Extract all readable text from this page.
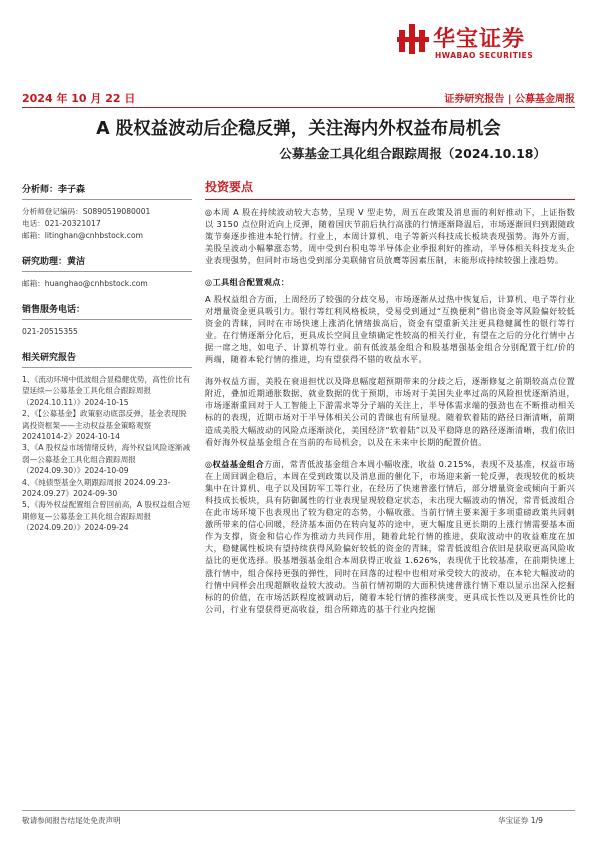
华宝证券
HWABAO SECURITIES
2024 年 10 月 22 日	证券研究报告 | 公募基金周报
A 股权益波动后企稳反弹，关注海内外权益布局机会
公募基金工具化组合跟踪周报（2024.10.18）

分析师：李子森

分析师登记编码：S0890519080001

电话：021-20321017

邮箱：litinghan@cnhbstock.com

研究助理：黄洁

邮箱：huanghao@cnhbstock.com

销售服务电话：

021-20515355

相关研究报告

1、《流动环境中低波组合显稳健优势，高性价比有望延续—公募基金工具化组合跟踪周报（2024.10.11）》2024-10-15
2、《【公募基金】政策驱动底部反弹，基金表现脱离投资框架——主动权益基金策略观察 20241014-2》2024-10-14
3、《A 股权益市场情绪反转，海外权益风险逐渐减弱—公募基金工具化组合跟踪周报（2024.09.30）》2024-10-09
4、《纯债型基金久期跟踪周报 2024.09.23-2024.09.27》2024-09-30
5、《海外权益配置组合曾回前高，A 股权益组合短期修复—公募基金工具化组合跟踪周报（2024.09.20）》2024-09-24

投资要点

◎本周 A 股在持续波动较大态势，呈现 V 型走势，周五在政策及消息面的利好推动下，上证指数以 3150 点位附近向上反弹，随着国庆节前后执行高涨的行情逐渐降温后，市场逐渐回归到跟随政策节奏逐步推进本轮行情。行业上，本周计算机、电子等新兴科技成长板块表现强势。海外方面，美股呈波动小幅攀涨态势，周中受到台积电等半导体企业季报利好的推动，半导体相关科技龙头企业表现强势，但同时市场也受到部分美联储官员放鹰等因素压制，未能形成持续较强上涨趋势。

◎工具组合配置观点：

A 股权益组合方面，上周经历了较强的分歧交易，市场逐渐从过热中恢复后，计算机、电子等行业对增量资金更具吸引力。银行等红利风格板块，受易受到通过“互换便利”借出资金等风险偏好较低资金的青睐，同时在市场快速上涨消化情绪拔高后，资金有望重新关注更具稳健属性的银行等行业。在行情逐渐分化后，更具成长空间且业绩确定性较高的相关行业，有望在之后的分化行情中占据一席之地，如电子、计算机等行业。前有低波基金组合和股基增强基金组合分别配置于红/价的两端，随着本轮行情的推进，均有望获得不错的收益水平。

海外权益方面，美股在衰退担忧以及降息幅度超预期带来的分歧之后，逐渐修复之前期较高点位置附近，叠加近期通胀数据、就业数据的优于预期，市场对于美国失业率过高的风险担忧逐渐消退，市场逐渐重回对于人工智能上下游需求等分子端的关注上，半导体需求端的强劲也在不断推动相关标的的表现，近期市场对于半导体相关公司的青睐也有所显现。随着软着陆的路径日渐清晰，前期造成美股大幅波动的风险点逐渐淡化，美国经济“软着陆”以及平稳降息的路径逐渐清晰，我们依旧看好海外权益基金组合在当前的布局机会，以及在未来中长期的配置价值。

◎权益基金组合方面，常青低波基金组合本周小幅收涨，收益 0.215%，表现不及基准，权益市场在上周回调企稳后，本周在受到政策以及消息面的催化下，市场迎来新一轮反弹，表现较优的板块集中在计算机、电子以及国防军工等行业，在经历了快速普涨行情后，部分增量资金或倾向于新兴科技成长板块，具有防御属性的行业表现显现较稳定状态，未出现大幅波动的情况，常青低波组合在此市场环境下也表现出了较为稳定的态势，小幅收涨。当前行情主要来源于多项重磅政策共同刺激所带来的信心回暖，经济基本面仍在转向复苏的途中，更大幅度且更长期的上涨行情需要基本面作为支撑，资金和信心作为推动力共同作用，随着此轮行情的推进，获取波动中的收益难度在加大，稳健属性板块有望持续获得风险偏好较低的资金的青睐，常青低波组合依旧是获取更高风险收益比的更优选择。股基增强基金组合本周获得正收益 1.626%，表现优于比较基准，在前期快速上涨行情中，组合保持更强的弹性，同时在回落的过程中也相对承受较大的波动，在本轮大幅波动的行情中同样会出现超额收益较大波动。当前行情初期的大面积快速普涨行情下难以显示出深入挖掘标的的价值，在市场活跃程度被调动后，随着本轮行情的推移演变，更具成长性以及更具性价比的公司，行业有望获得更高收益，组合所筛选的基于行业内挖掘

敬请参阅报告结尾处免责声明	华宝证券 1/9
